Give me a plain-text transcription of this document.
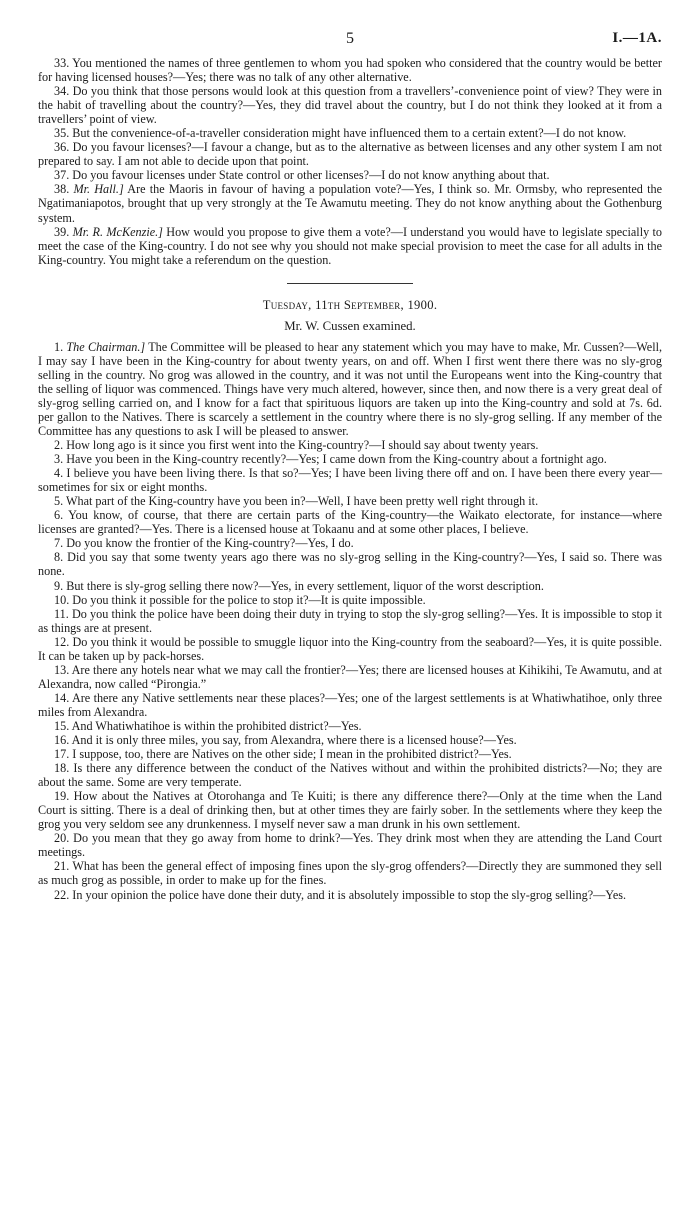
5	I.—1A.

33. You mentioned the names of three gentlemen to whom you had spoken who considered that the country would be better for having licensed houses?—Yes; there was no talk of any other alternative.

34. Do you think that those persons would look at this question from a travellers’-convenience point of view? They were in the habit of travelling about the country?—Yes, they did travel about the country, but I do not think they looked at it from a travellers’ point of view.

35. But the convenience-of-a-traveller consideration might have influenced them to a certain extent?—I do not know.

36. Do you favour licenses?—I favour a change, but as to the alternative as between licenses and any other system I am not prepared to say. I am not able to decide upon that point.

37. Do you favour licenses under State control or other licenses?—I do not know anything about that.

38. Mr. Hall.] Are the Maoris in favour of having a population vote?—Yes, I think so. Mr. Ormsby, who represented the Ngatimaniapotos, brought that up very strongly at the Te Awamutu meeting. They do not know anything about the Gothenburg system.

39. Mr. R. McKenzie.] How would you propose to give them a vote?—I understand you would have to legislate specially to meet the case of the King-country. I do not see why you should not make special provision to meet the case for all adults in the King-country. You might take a referendum on the question.

Tuesday, 11th September, 1900.
Mr. W. Cussen examined.

1. The Chairman.] The Committee will be pleased to hear any statement which you may have to make, Mr. Cussen?—Well, I may say I have been in the King-country for about twenty years, on and off. When I first went there there was no sly-grog selling in the country. No grog was allowed in the country, and it was not until the Europeans went into the King-country that the selling of liquor was commenced. Things have very much altered, however, since then, and now there is a very great deal of sly-grog selling carried on, and I know for a fact that spirituous liquors are taken up into the King-country and sold at 7s. 6d. per gallon to the Natives. There is scarcely a settlement in the country where there is no sly-grog selling. If any member of the Committee has any questions to ask I will be pleased to answer.

2. How long ago is it since you first went into the King-country?—I should say about twenty years.

3. Have you been in the King-country recently?—Yes; I came down from the King-country about a fortnight ago.

4. I believe you have been living there. Is that so?—Yes; I have been living there off and on. I have been there every year—sometimes for six or eight months.

5. What part of the King-country have you been in?—Well, I have been pretty well right through it.

6. You know, of course, that there are certain parts of the King-country—the Waikato electorate, for instance—where licenses are granted?—Yes. There is a licensed house at Tokaanu and at some other places, I believe.

7. Do you know the frontier of the King-country?—Yes, I do.

8. Did you say that some twenty years ago there was no sly-grog selling in the King-country?—Yes, I said so. There was none.

9. But there is sly-grog selling there now?—Yes, in every settlement, liquor of the worst description.

10. Do you think it possible for the police to stop it?—It is quite impossible.

11. Do you think the police have been doing their duty in trying to stop the sly-grog selling?—Yes. It is impossible to stop it as things are at present.

12. Do you think it would be possible to smuggle liquor into the King-country from the seaboard?—Yes, it is quite possible. It can be taken up by pack-horses.

13. Are there any hotels near what we may call the frontier?—Yes; there are licensed houses at Kihikihi, Te Awamutu, and at Alexandra, now called “Pirongia.”

14. Are there any Native settlements near these places?—Yes; one of the largest settlements is at Whatiwhatihoe, only three miles from Alexandra.

15. And Whatiwhatihoe is within the prohibited district?—Yes.

16. And it is only three miles, you say, from Alexandra, where there is a licensed house?—Yes.

17. I suppose, too, there are Natives on the other side; I mean in the prohibited district?—Yes.

18. Is there any difference between the conduct of the Natives without and within the prohibited districts?—No; they are about the same. Some are very temperate.

19. How about the Natives at Otorohanga and Te Kuiti; is there any difference there?—Only at the time when the Land Court is sitting. There is a deal of drinking then, but at other times they are fairly sober. In the settlements where they keep the grog you very seldom see any drunkenness. I myself never saw a man drunk in his own settlement.

20. Do you mean that they go away from home to drink?—Yes. They drink most when they are attending the Land Court meetings.

21. What has been the general effect of imposing fines upon the sly-grog offenders?—Directly they are summoned they sell as much grog as possible, in order to make up for the fines.

22. In your opinion the police have done their duty, and it is absolutely impossible to stop the sly-grog selling?—Yes.
